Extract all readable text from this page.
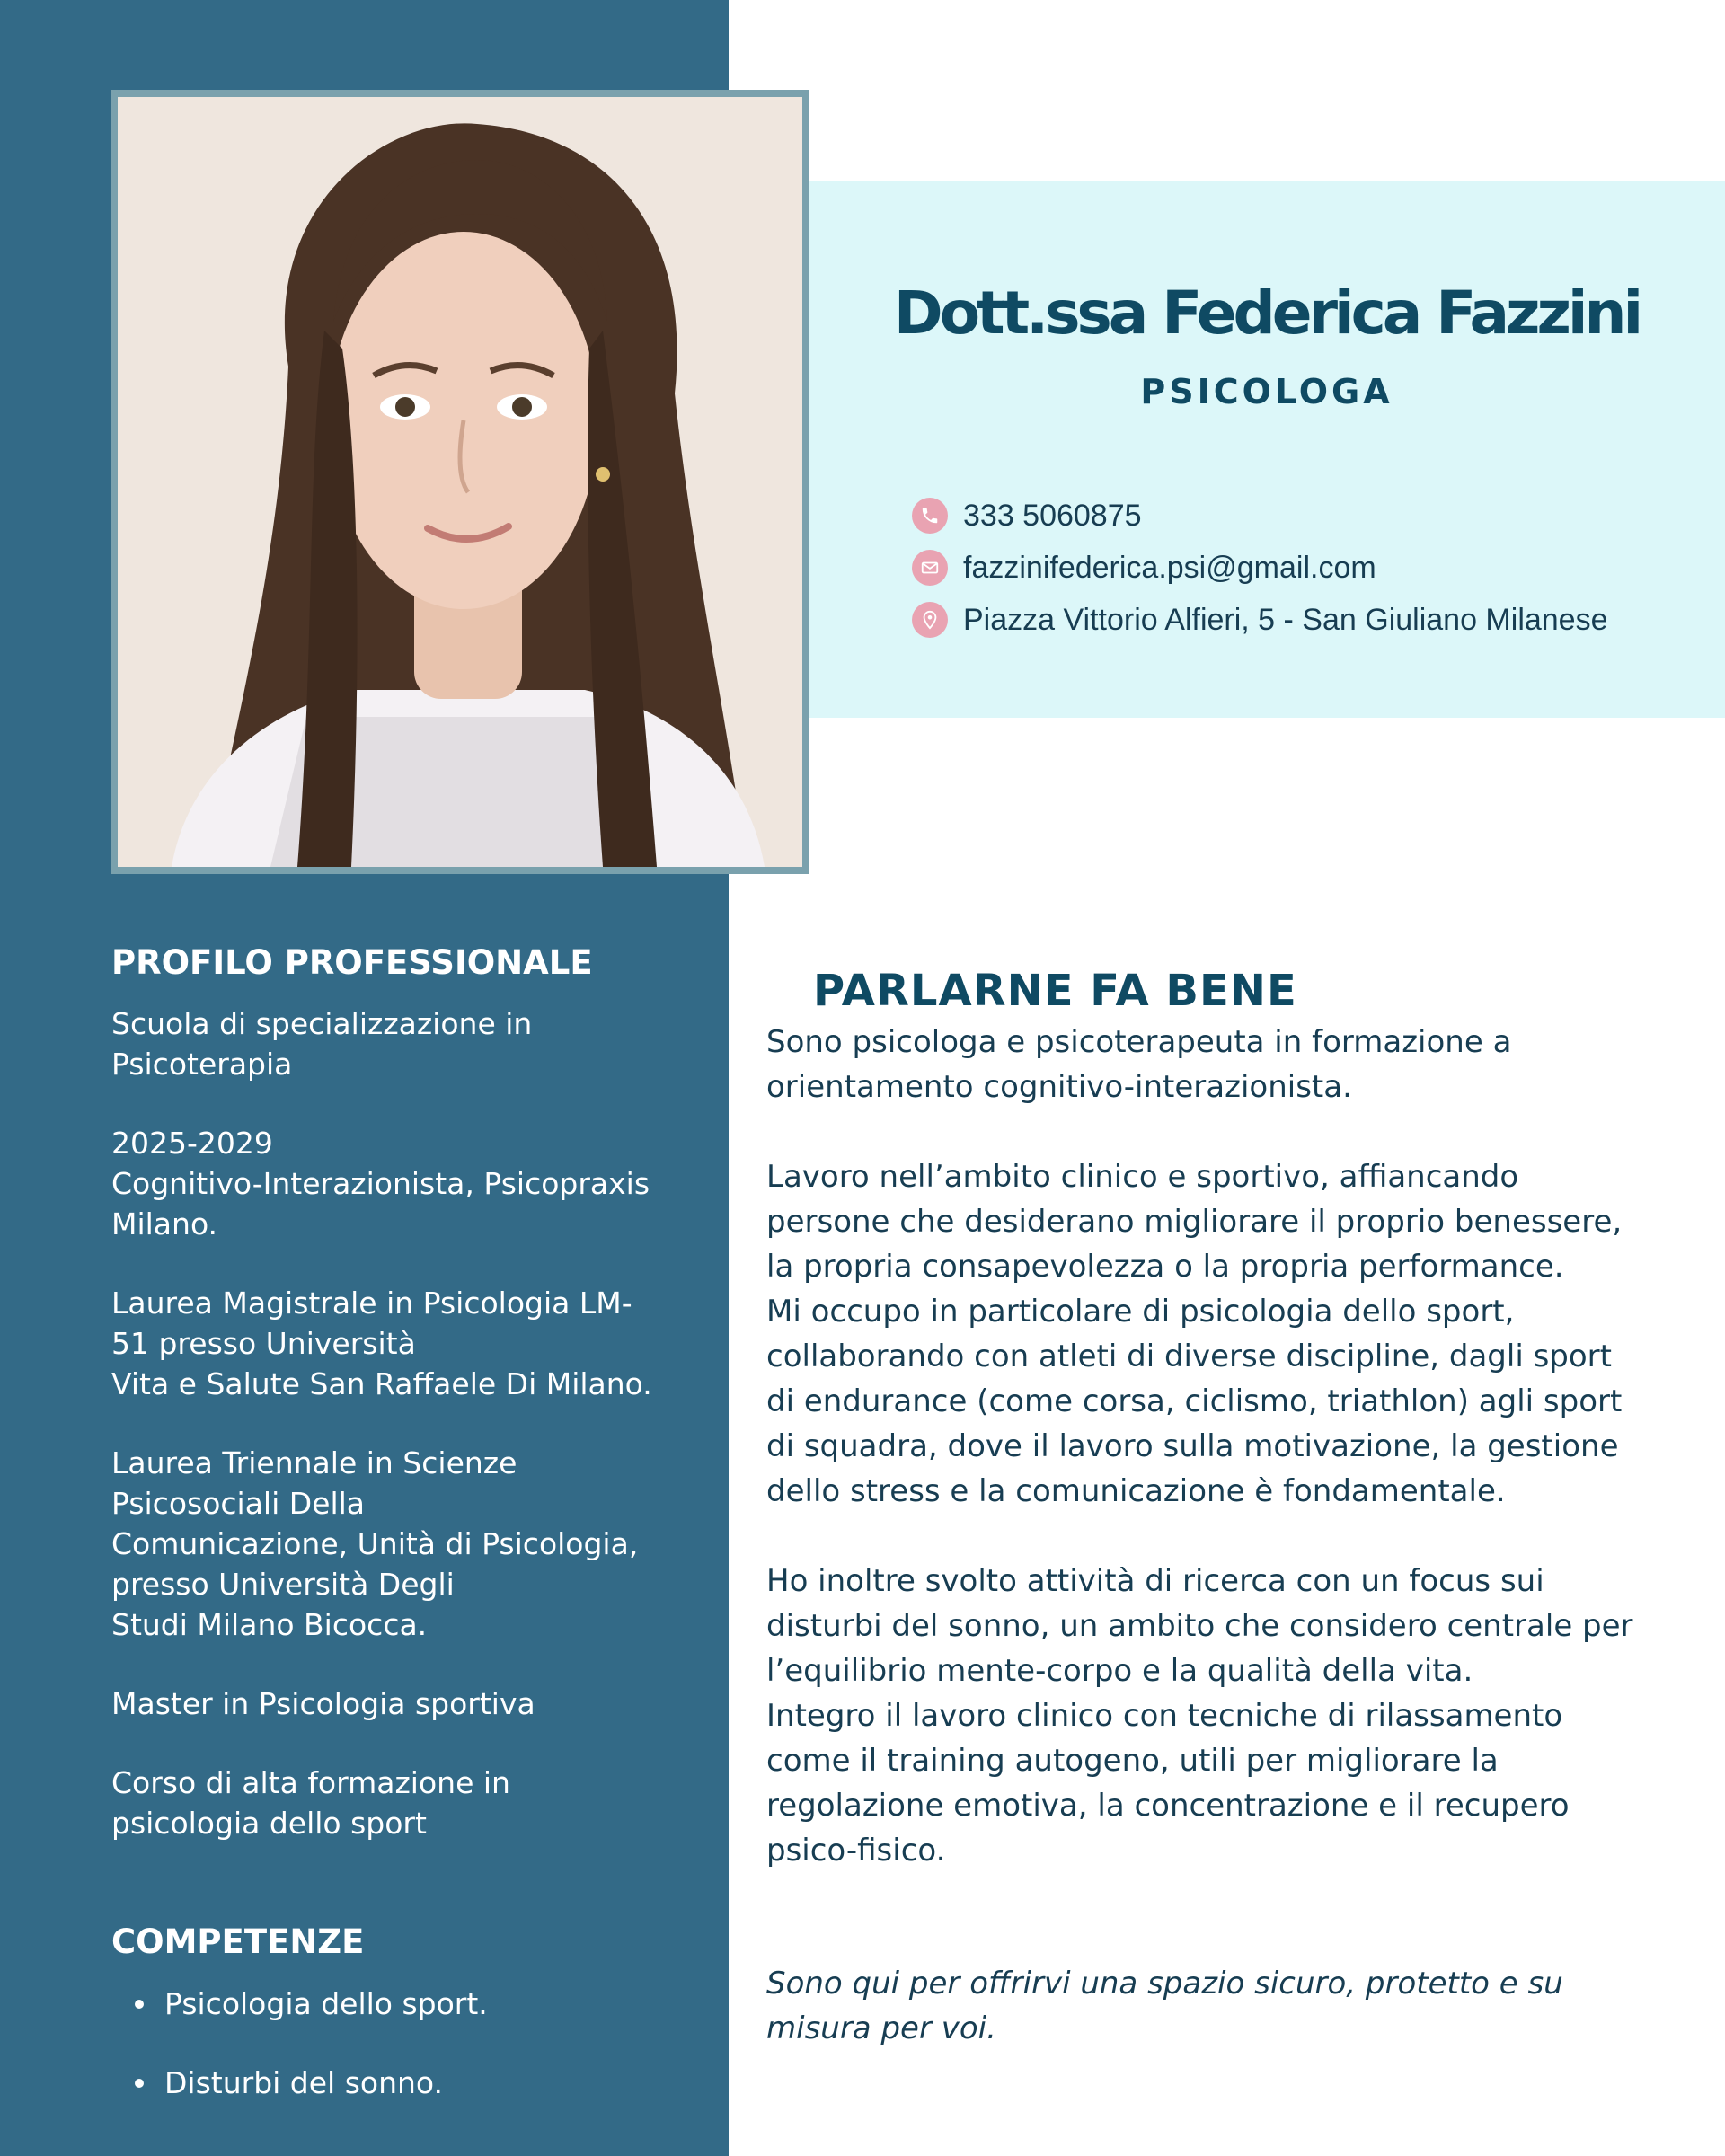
Dott.ssa Federica Fazzini
PSICOLOGA
333 5060875
fazzinifederica.psi@gmail.com
Piazza Vittorio Alfieri, 5 - San Giuliano Milanese
PROFILO PROFESSIONALE

Scuola di specializzazione in
Psicoterapia

2025-2029
Cognitivo-Interazionista, Psicopraxis
Milano.

Laurea Magistrale in Psicologia LM-
51 presso Università
Vita e Salute San Raffaele Di Milano.

Laurea Triennale in Scienze
Psicosociali Della
Comunicazione, Unità di Psicologia,
presso Università Degli
Studi Milano Bicocca.

Master in Psicologia sportiva

Corso di alta formazione in
psicologia dello sport

COMPETENZE
Psicologia dello sport.
Disturbi del sonno.
PARLARNE FA BENE

Sono psicologa e psicoterapeuta in formazione a
orientamento cognitivo-interazionista.

Lavoro nell’ambito clinico e sportivo, affiancando
persone che desiderano migliorare il proprio benessere,
la propria consapevolezza o la propria performance.
Mi occupo in particolare di psicologia dello sport,
collaborando con atleti di diverse discipline, dagli sport
di endurance (come corsa, ciclismo, triathlon) agli sport
di squadra, dove il lavoro sulla motivazione, la gestione
dello stress e la comunicazione è fondamentale.

Ho inoltre svolto attività di ricerca con un focus sui
disturbi del sonno, un ambito che considero centrale per
l’equilibrio mente-corpo e la qualità della vita.
Integro il lavoro clinico con tecniche di rilassamento
come il training autogeno, utili per migliorare la
regolazione emotiva, la concentrazione e il recupero
psico-fisico.

Sono qui per offrirvi una spazio sicuro, protetto e su
misura per voi.
